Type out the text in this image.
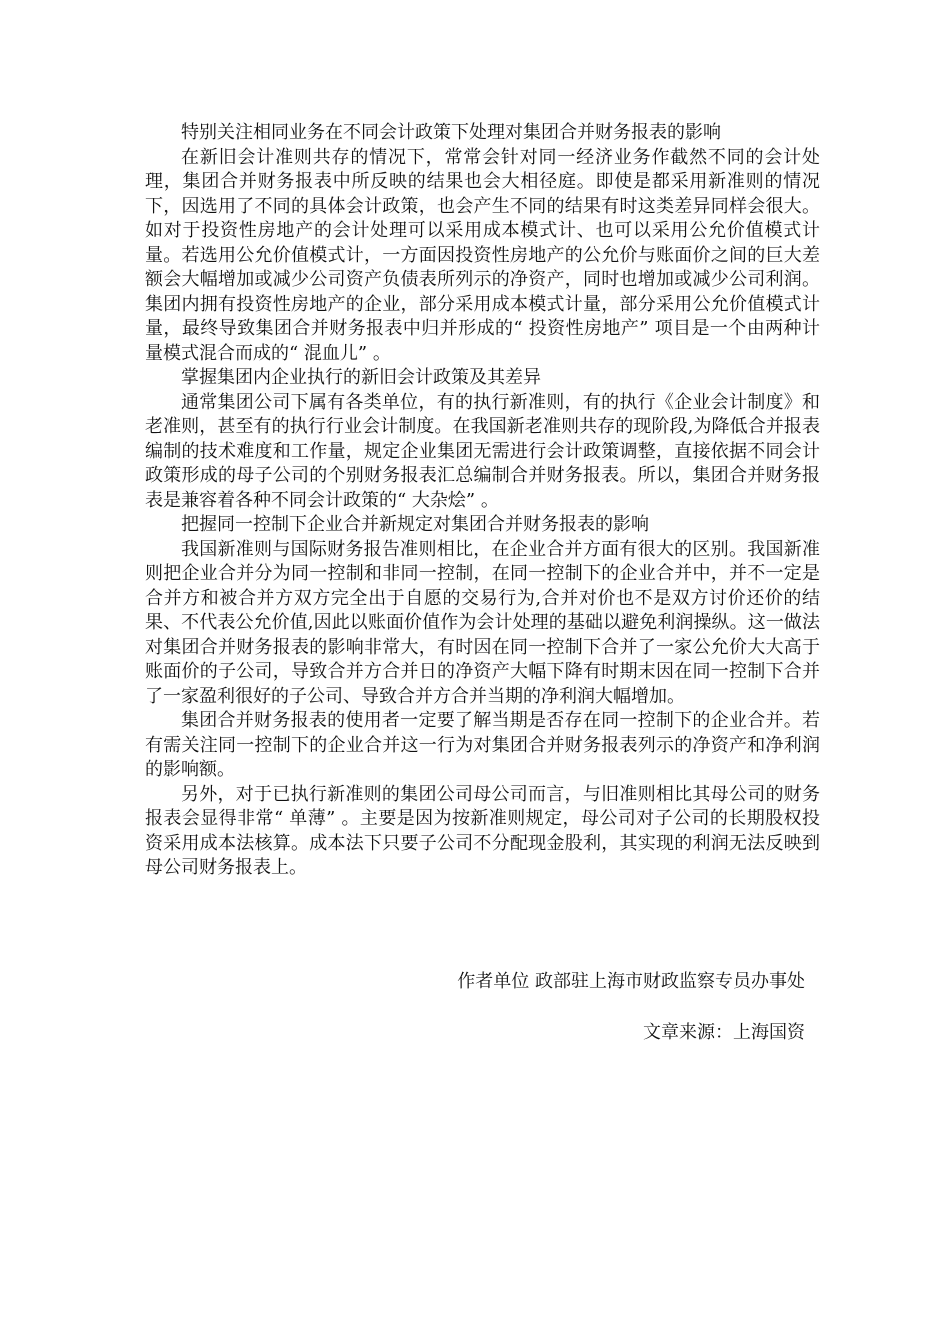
特别关注相同业务在不同会计政策下处理对集团合并财务报表的影响

在新旧会计准则共存的情况下，常常会针对同一经济业务作截然不同的会计处理，集团合并财务报表中所反映的结果也会大相径庭。即使是都采用新准则的情况下，因选用了不同的具体会计政策，也会产生不同的结果有时这类差异同样会很大。如对于投资性房地产的会计处理可以采用成本模式计、也可以采用公允价值模式计量。若选用公允价值模式计，一方面因投资性房地产的公允价与账面价之间的巨大差额会大幅增加或减少公司资产负债表所列示的净资产，同时也增加或减少公司利润。集团内拥有投资性房地产的企业，部分采用成本模式计量，部分采用公允价值模式计量，最终导致集团合并财务报表中归并形成的“ 投资性房地产” 项目是一个由两种计量模式混合而成的“ 混血儿” 。

掌握集团内企业执行的新旧会计政策及其差异

通常集团公司下属有各类单位，有的执行新准则，有的执行《企业会计制度》和老准则，甚至有的执行行业会计制度。在我国新老准则共存的现阶段,为降低合并报表编制的技术难度和工作量，规定企业集团无需进行会计政策调整，直接依据不同会计政策形成的母子公司的个别财务报表汇总编制合并财务报表。所以，集团合并财务报表是兼容着各种不同会计政策的“ 大杂烩” 。

把握同一控制下企业合并新规定对集团合并财务报表的影响

我国新准则与国际财务报告准则相比，在企业合并方面有很大的区别。我国新准则把企业合并分为同一控制和非同一控制，在同一控制下的企业合并中，并不一定是合并方和被合并方双方完全出于自愿的交易行为,合并对价也不是双方讨价还价的结果、不代表公允价值,因此以账面价值作为会计处理的基础以避免利润操纵。这一做法对集团合并财务报表的影响非常大，有时因在同一控制下合并了一家公允价大大高于账面价的子公司，导致合并方合并日的净资产大幅下降有时期末因在同一控制下合并了一家盈利很好的子公司、导致合并方合并当期的净利润大幅增加。

集团合并财务报表的使用者一定要了解当期是否存在同一控制下的企业合并。若有需关注同一控制下的企业合并这一行为对集团合并财务报表列示的净资产和净利润的影响额。

另外，对于已执行新准则的集团公司母公司而言，与旧准则相比其母公司的财务报表会显得非常“ 单薄” 。主要是因为按新准则规定，母公司对子公司的长期股权投资采用成本法核算。成本法下只要子公司不分配现金股利，其实现的利润无法反映到母公司财务报表上。

作者单位 政部驻上海市财政监察专员办事处
文章来源：上海国资
